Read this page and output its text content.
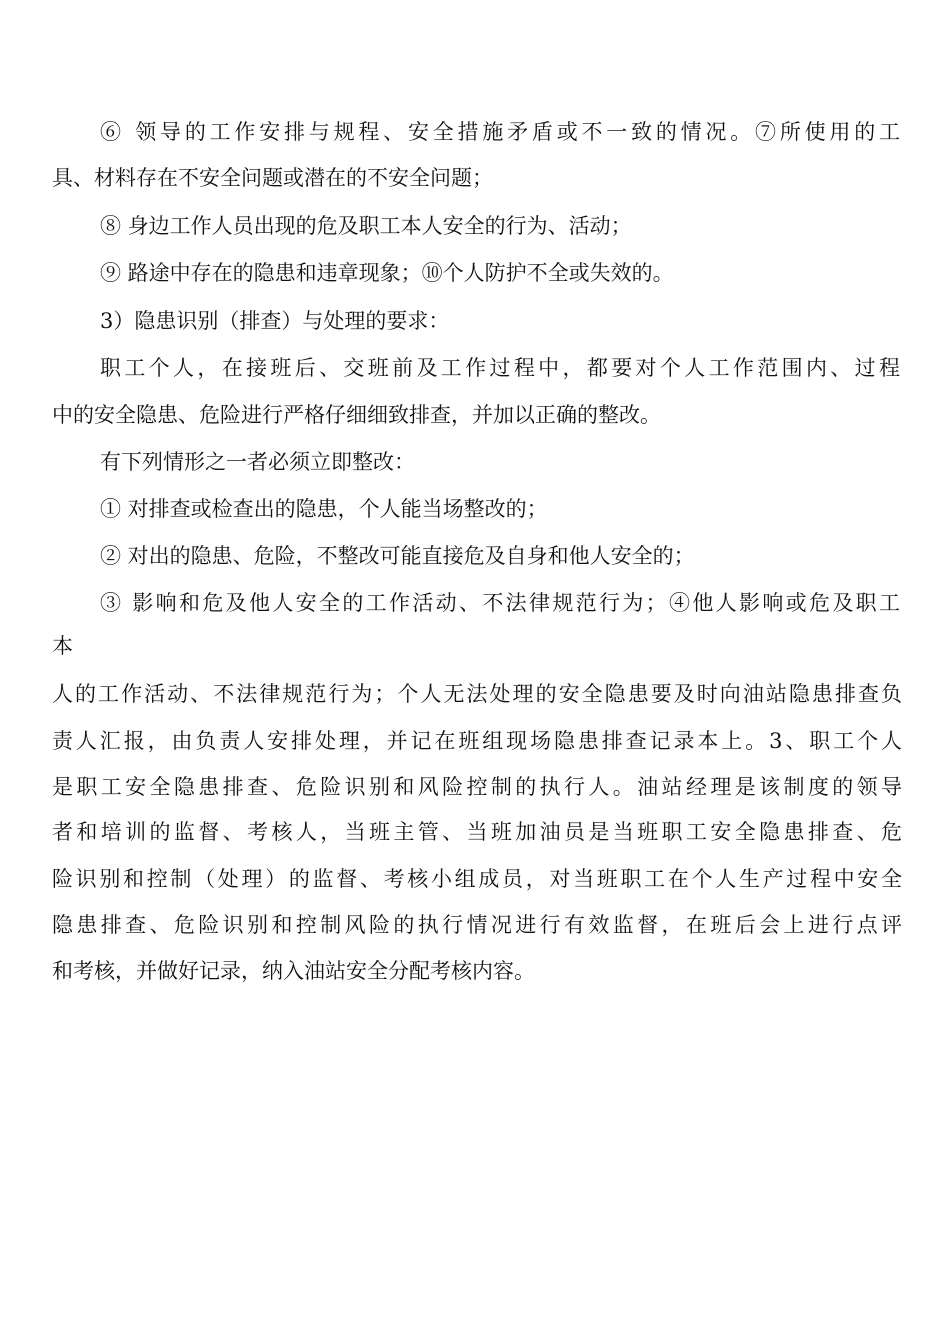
⑥ 领导的工作安排与规程、安全措施矛盾或不一致的情况。⑦所使用的工
具、材料存在不安全问题或潜在的不安全问题；
⑧ 身边工作人员出现的危及职工本人安全的行为、活动；
⑨ 路途中存在的隐患和违章现象；⑩个人防护不全或失效的。
3）隐患识别（排查）与处理的要求：
职工个人，在接班后、交班前及工作过程中，都要对个人工作范围内、过程
中的安全隐患、危险进行严格仔细细致排查，并加以正确的整改。
有下列情形之一者必须立即整改：
① 对排查或检查出的隐患，个人能当场整改的；
② 对出的隐患、危险，不整改可能直接危及自身和他人安全的；
③ 影响和危及他人安全的工作活动、不法律规范行为；④他人影响或危及职工
本
人的工作活动、不法律规范行为；个人无法处理的安全隐患要及时向油站隐患排查负
责人汇报，由负责人安排处理，并记在班组现场隐患排查记录本上。3、职工个人
是职工安全隐患排查、危险识别和风险控制的执行人。油站经理是该制度的领导
者和培训的监督、考核人，当班主管、当班加油员是当班职工安全隐患排查、危
险识别和控制（处理）的监督、考核小组成员，对当班职工在个人生产过程中安全
隐患排查、危险识别和控制风险的执行情况进行有效监督，在班后会上进行点评
和考核，并做好记录，纳入油站安全分配考核内容。
